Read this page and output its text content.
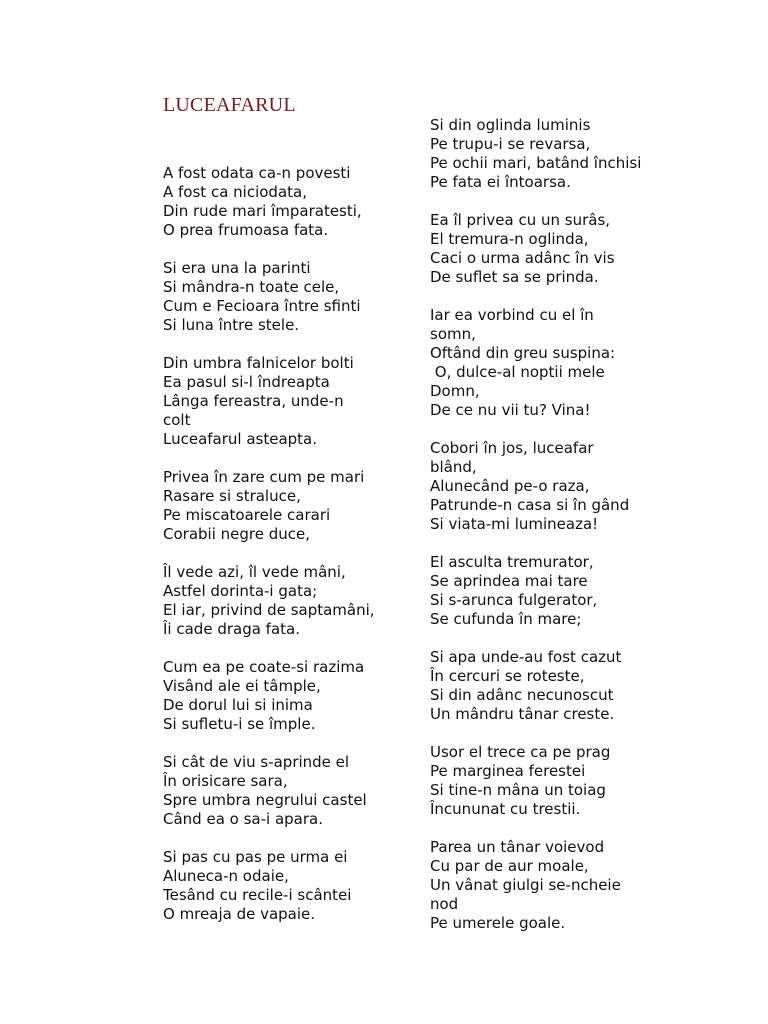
LUCEAFARUL
A fost odata ca-n povesti
A fost ca niciodata,
Din rude mari împaratesti,
O prea frumoasa fata.
Si era una la parinti
Si mândra-n toate cele,
Cum e Fecioara între sfinti
Si luna între stele.
Din umbra falnicelor bolti
Ea pasul si-l îndreapta
Lânga fereastra, unde-n
colt
Luceafarul asteapta.
Privea în zare cum pe mari
Rasare si straluce,
Pe miscatoarele carari
Corabii negre duce,
Îl vede azi, îl vede mâni,
Astfel dorinta-i gata;
El iar, privind de saptamâni,
Îi cade draga fata.
Cum ea pe coate-si razima
Visând ale ei tâmple,
De dorul lui si inima
Si sufletu-i se împle.
Si cât de viu s-aprinde el
În orisicare sara,
Spre umbra negrului castel
Când ea o sa-i apara.
Si pas cu pas pe urma ei
Aluneca-n odaie,
Tesând cu recile-i scântei
O mreaja de vapaie.
Si din oglinda luminis
Pe trupu-i se revarsa,
Pe ochii mari, batând închisi
Pe fata ei întoarsa.
Ea îl privea cu un surâs,
El tremura-n oglinda,
Caci o urma adânc în vis
De suflet sa se prinda.
Iar ea vorbind cu el în
somn,
Oftând din greu suspina:
O, dulce-al noptii mele
Domn,
De ce nu vii tu? Vina!
Cobori în jos, luceafar
blând,
Alunecând pe-o raza,
Patrunde-n casa si în gând
Si viata-mi lumineaza!
El asculta tremurator,
Se aprindea mai tare
Si s-arunca fulgerator,
Se cufunda în mare;
Si apa unde-au fost cazut
În cercuri se roteste,
Si din adânc necunoscut
Un mândru tânar creste.
Usor el trece ca pe prag
Pe marginea ferestei
Si tine-n mâna un toiag
Încununat cu trestii.
Parea un tânar voievod
Cu par de aur moale,
Un vânat giulgi se-ncheie
nod
Pe umerele goale.
